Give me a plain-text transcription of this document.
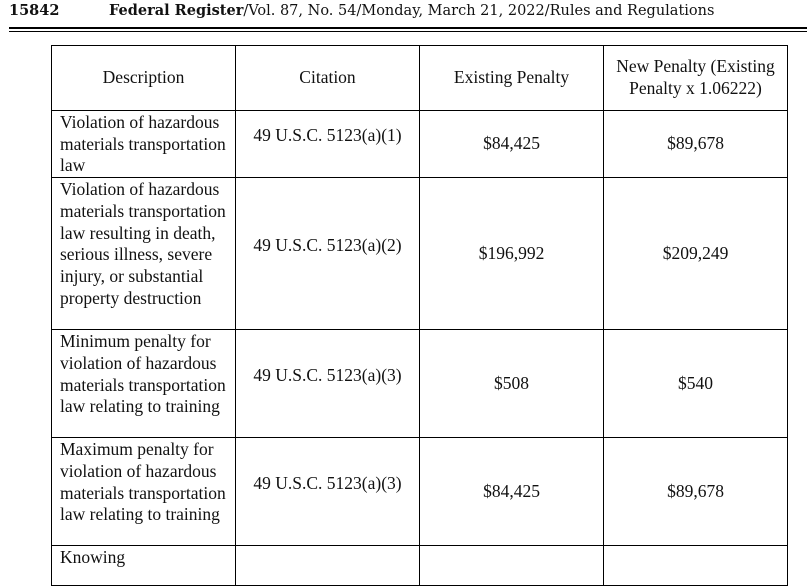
15842	Federal Register / Vol. 87, No. 54 / Monday, March 21, 2022 / Rules and Regulations
Description	Citation	Existing Penalty	New Penalty (Existing Penalty x 1.06222)
Violation of hazardous materials transportation law	49 U.S.C. 5123(a)(1)	$84,425	$89,678
Violation of hazardous materials transportation law resulting in death, serious illness, severe injury, or substantial property destruction	49 U.S.C. 5123(a)(2)	$196,992	$209,249
Minimum penalty for violation of hazardous materials transportation law relating to training	49 U.S.C. 5123(a)(3)	$508	$540
Maximum penalty for violation of hazardous materials transportation law relating to training	49 U.S.C. 5123(a)(3)	$84,425	$89,678
Knowing			
